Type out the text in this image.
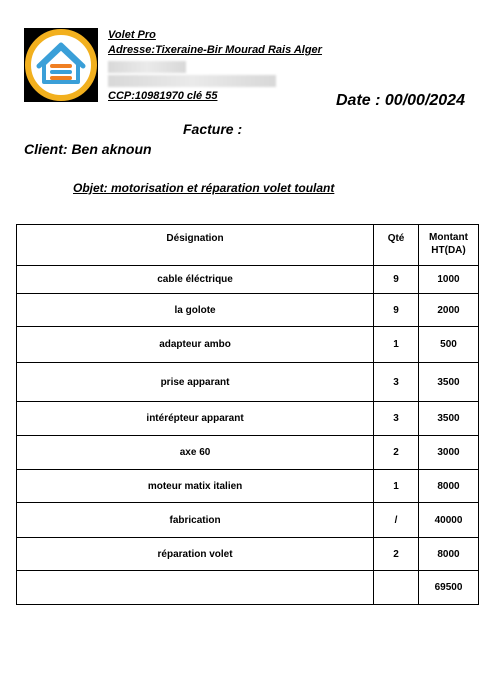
Volet Pro
Adresse:Tixeraine-Bir Mourad Rais Alger
CCP:10981970 clé 55	Date : 00/00/2024
Facture :
Client: Ben aknoun
Objet: motorisation et réparation volet toulant
Désignation	Qté	Montant HT(DA)
cable éléctrique	9	1000
la golote	9	2000
adapteur ambo	1	500
prise apparant	3	3500
intérépteur apparant	3	3500
axe 60	2	3000
moteur matix italien	1	8000
fabrication	/	40000
réparation volet	2	8000
		69500
